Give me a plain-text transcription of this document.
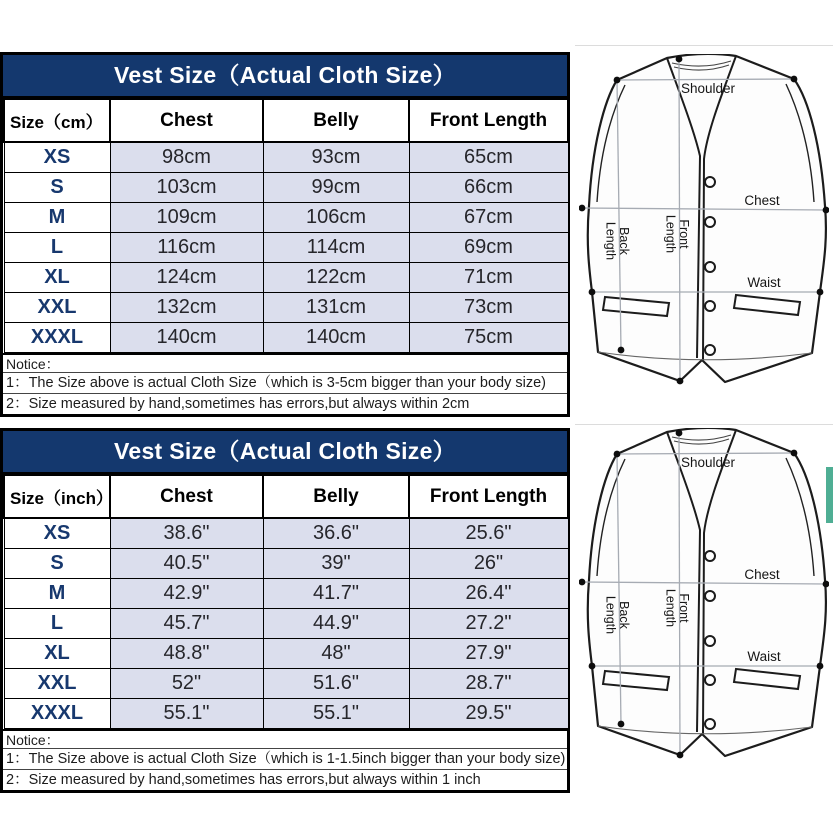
Vest Size（Actual Cloth Size）
Size（cm）	Chest	Belly	Front Length
XS	98cm	93cm	65cm
S	103cm	99cm	66cm
M	109cm	106cm	67cm
L	116cm	114cm	69cm
XL	124cm	122cm	71cm
XXL	132cm	131cm	73cm
XXXL	140cm	140cm	75cm
Notice：
1：The Size above is actual Cloth Size（which is 3-5cm bigger than your body size)
2：Size measured by hand,sometimes has errors,but always within 2cm
Vest Size（Actual Cloth Size）
Size（inch）	Chest	Belly	Front Length
XS	38.6"	36.6"	25.6"
S	40.5"	39"	26"
M	42.9"	41.7"	26.4"
L	45.7"	44.9"	27.2"
XL	48.8"	48"	27.9"
XXL	52"	51.6"	28.7"
XXXL	55.1"	55.1"	29.5"
Notice：
1：The Size above is actual Cloth Size（which is 1-1.5inch bigger than your body size)
2：Size measured by hand,sometimes has errors,but always within 1 inch
Shoulder
Chest
Waist
BackLength	FrontLength
Shoulder
Chest
Waist
BackLength	FrontLength
